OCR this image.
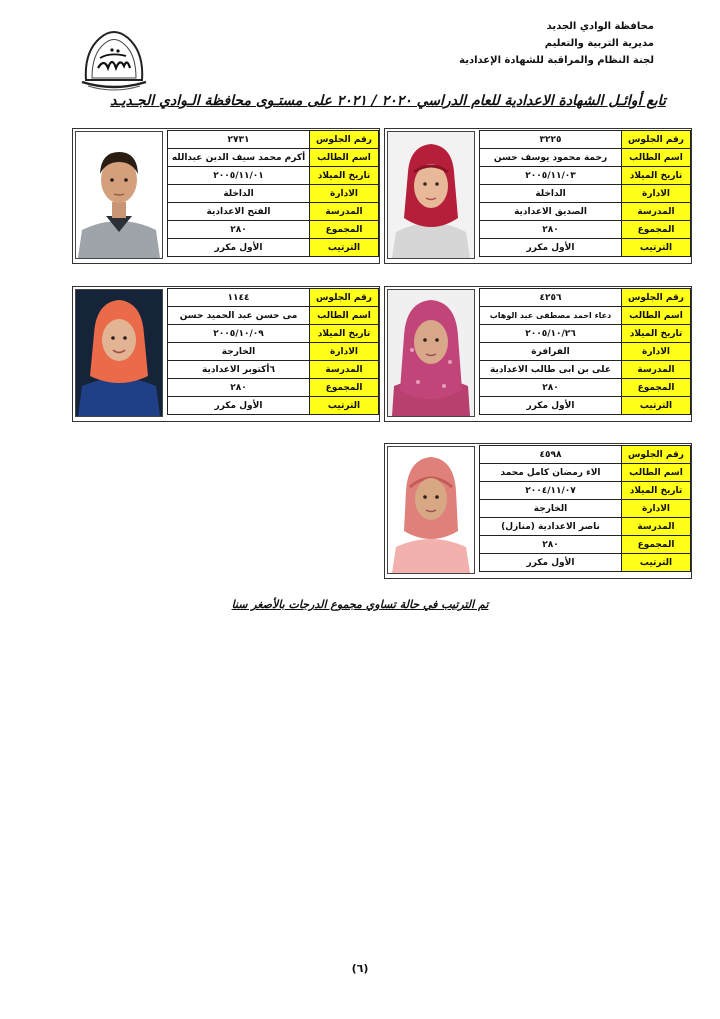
محافظة الوادي الجديد
مديرية التربية والتعليم
لجنة النظام والمراقبة للشهادة الإعدادية
تابع أوائـل الشهادة الاعدادية للعام الدراسي ٢٠٢٠ / ٢٠٢١ على مستـوى محافظة الـوادي الجـديـد
رقم الجلوس	٣٢٢٥
اسم الطالب	رحمة محمود يوسف حسن
تاريخ الميلاد	٢٠٠٥/١١/٠٣
الادارة	الداخلة
المدرسة	الصديق الاعدادية
المجموع	٢٨٠
الترتيب	الأول مكرر
رقم الجلوس	٢٧٣١
اسم الطالب	أكرم محمد سيف الدين عبدالله
تاريخ الميلاد	٢٠٠٥/١١/٠١
الادارة	الداخلة
المدرسة	الفتح الاعدادية
المجموع	٢٨٠
الترتيب	الأول مكرر
رقم الجلوس	٤٢٥٦
اسم الطالب	دعاء احمد مصطفى عبد الوهاب
تاريخ الميلاد	٢٠٠٥/١٠/٢٦
الادارة	الفرافرة
المدرسة	على بن ابى طالب الاعدادية
المجموع	٢٨٠
الترتيب	الأول مكرر
رقم الجلوس	١١٤٤
اسم الطالب	مى حسن عبد الحميد حسن
تاريخ الميلاد	٢٠٠٥/١٠/٠٩
الادارة	الخارجة
المدرسة	٦أكتوبر الاعدادية
المجموع	٢٨٠
الترتيب	الأول مكرر
رقم الجلوس	٤٥٩٨
اسم الطالب	الاء رمضان كامل محمد
تاريخ الميلاد	٢٠٠٤/١١/٠٧
الادارة	الخارجة
المدرسة	ناصر الاعدادية (منازل)
المجموع	٢٨٠
الترتيب	الأول مكرر
تم الترتيب في حالة تساوي مجموع الدرجات بالأصغر سنا
(٦)
